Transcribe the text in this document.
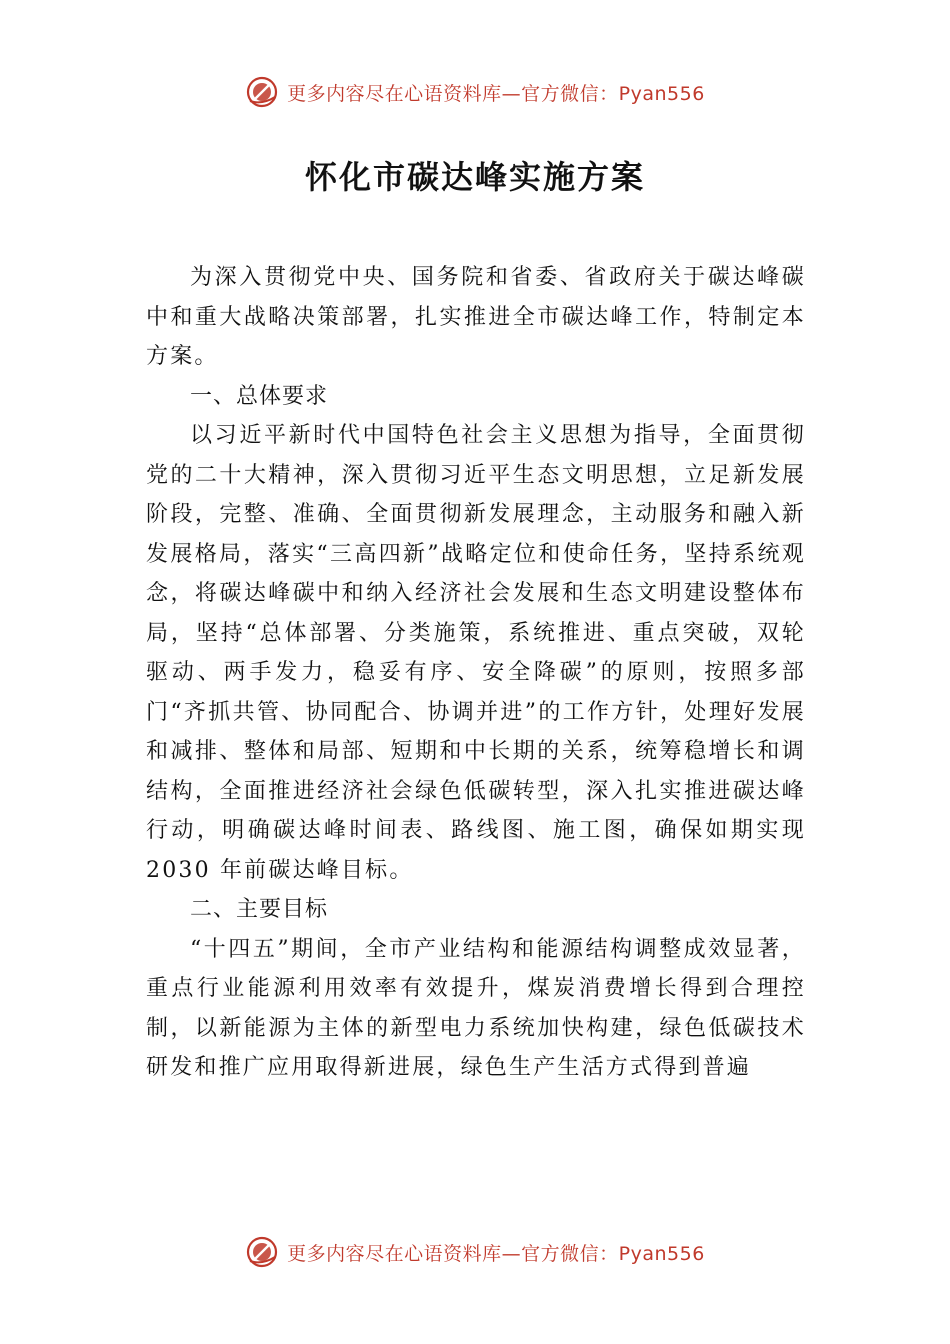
更多内容尽在心语资料库—官方微信：Pyan556
怀化市碳达峰实施方案

为深入贯彻党中央、国务院和省委、省政府关于碳达峰碳中和重大战略决策部署，扎实推进全市碳达峰工作，特制定本方案。

一、总体要求

以习近平新时代中国特色社会主义思想为指导，全面贯彻党的二十大精神，深入贯彻习近平生态文明思想，立足新发展阶段，完整、准确、全面贯彻新发展理念，主动服务和融入新发展格局，落实“三高四新”战略定位和使命任务，坚持系统观念，将碳达峰碳中和纳入经济社会发展和生态文明建设整体布局，坚持“总体部署、分类施策，系统推进、重点突破，双轮驱动、两手发力，稳妥有序、安全降碳”的原则，按照多部门“齐抓共管、协同配合、协调并进”的工作方针，处理好发展和减排、整体和局部、短期和中长期的关系，统筹稳增长和调结构，全面推进经济社会绿色低碳转型，深入扎实推进碳达峰行动，明确碳达峰时间表、路线图、施工图，确保如期实现 2030 年前碳达峰目标。

二、主要目标

“十四五”期间，全市产业结构和能源结构调整成效显著，重点行业能源利用效率有效提升，煤炭消费增长得到合理控制，以新能源为主体的新型电力系统加快构建，绿色低碳技术研发和推广应用取得新进展，绿色生产生活方式得到普遍

更多内容尽在心语资料库—官方微信：Pyan556
